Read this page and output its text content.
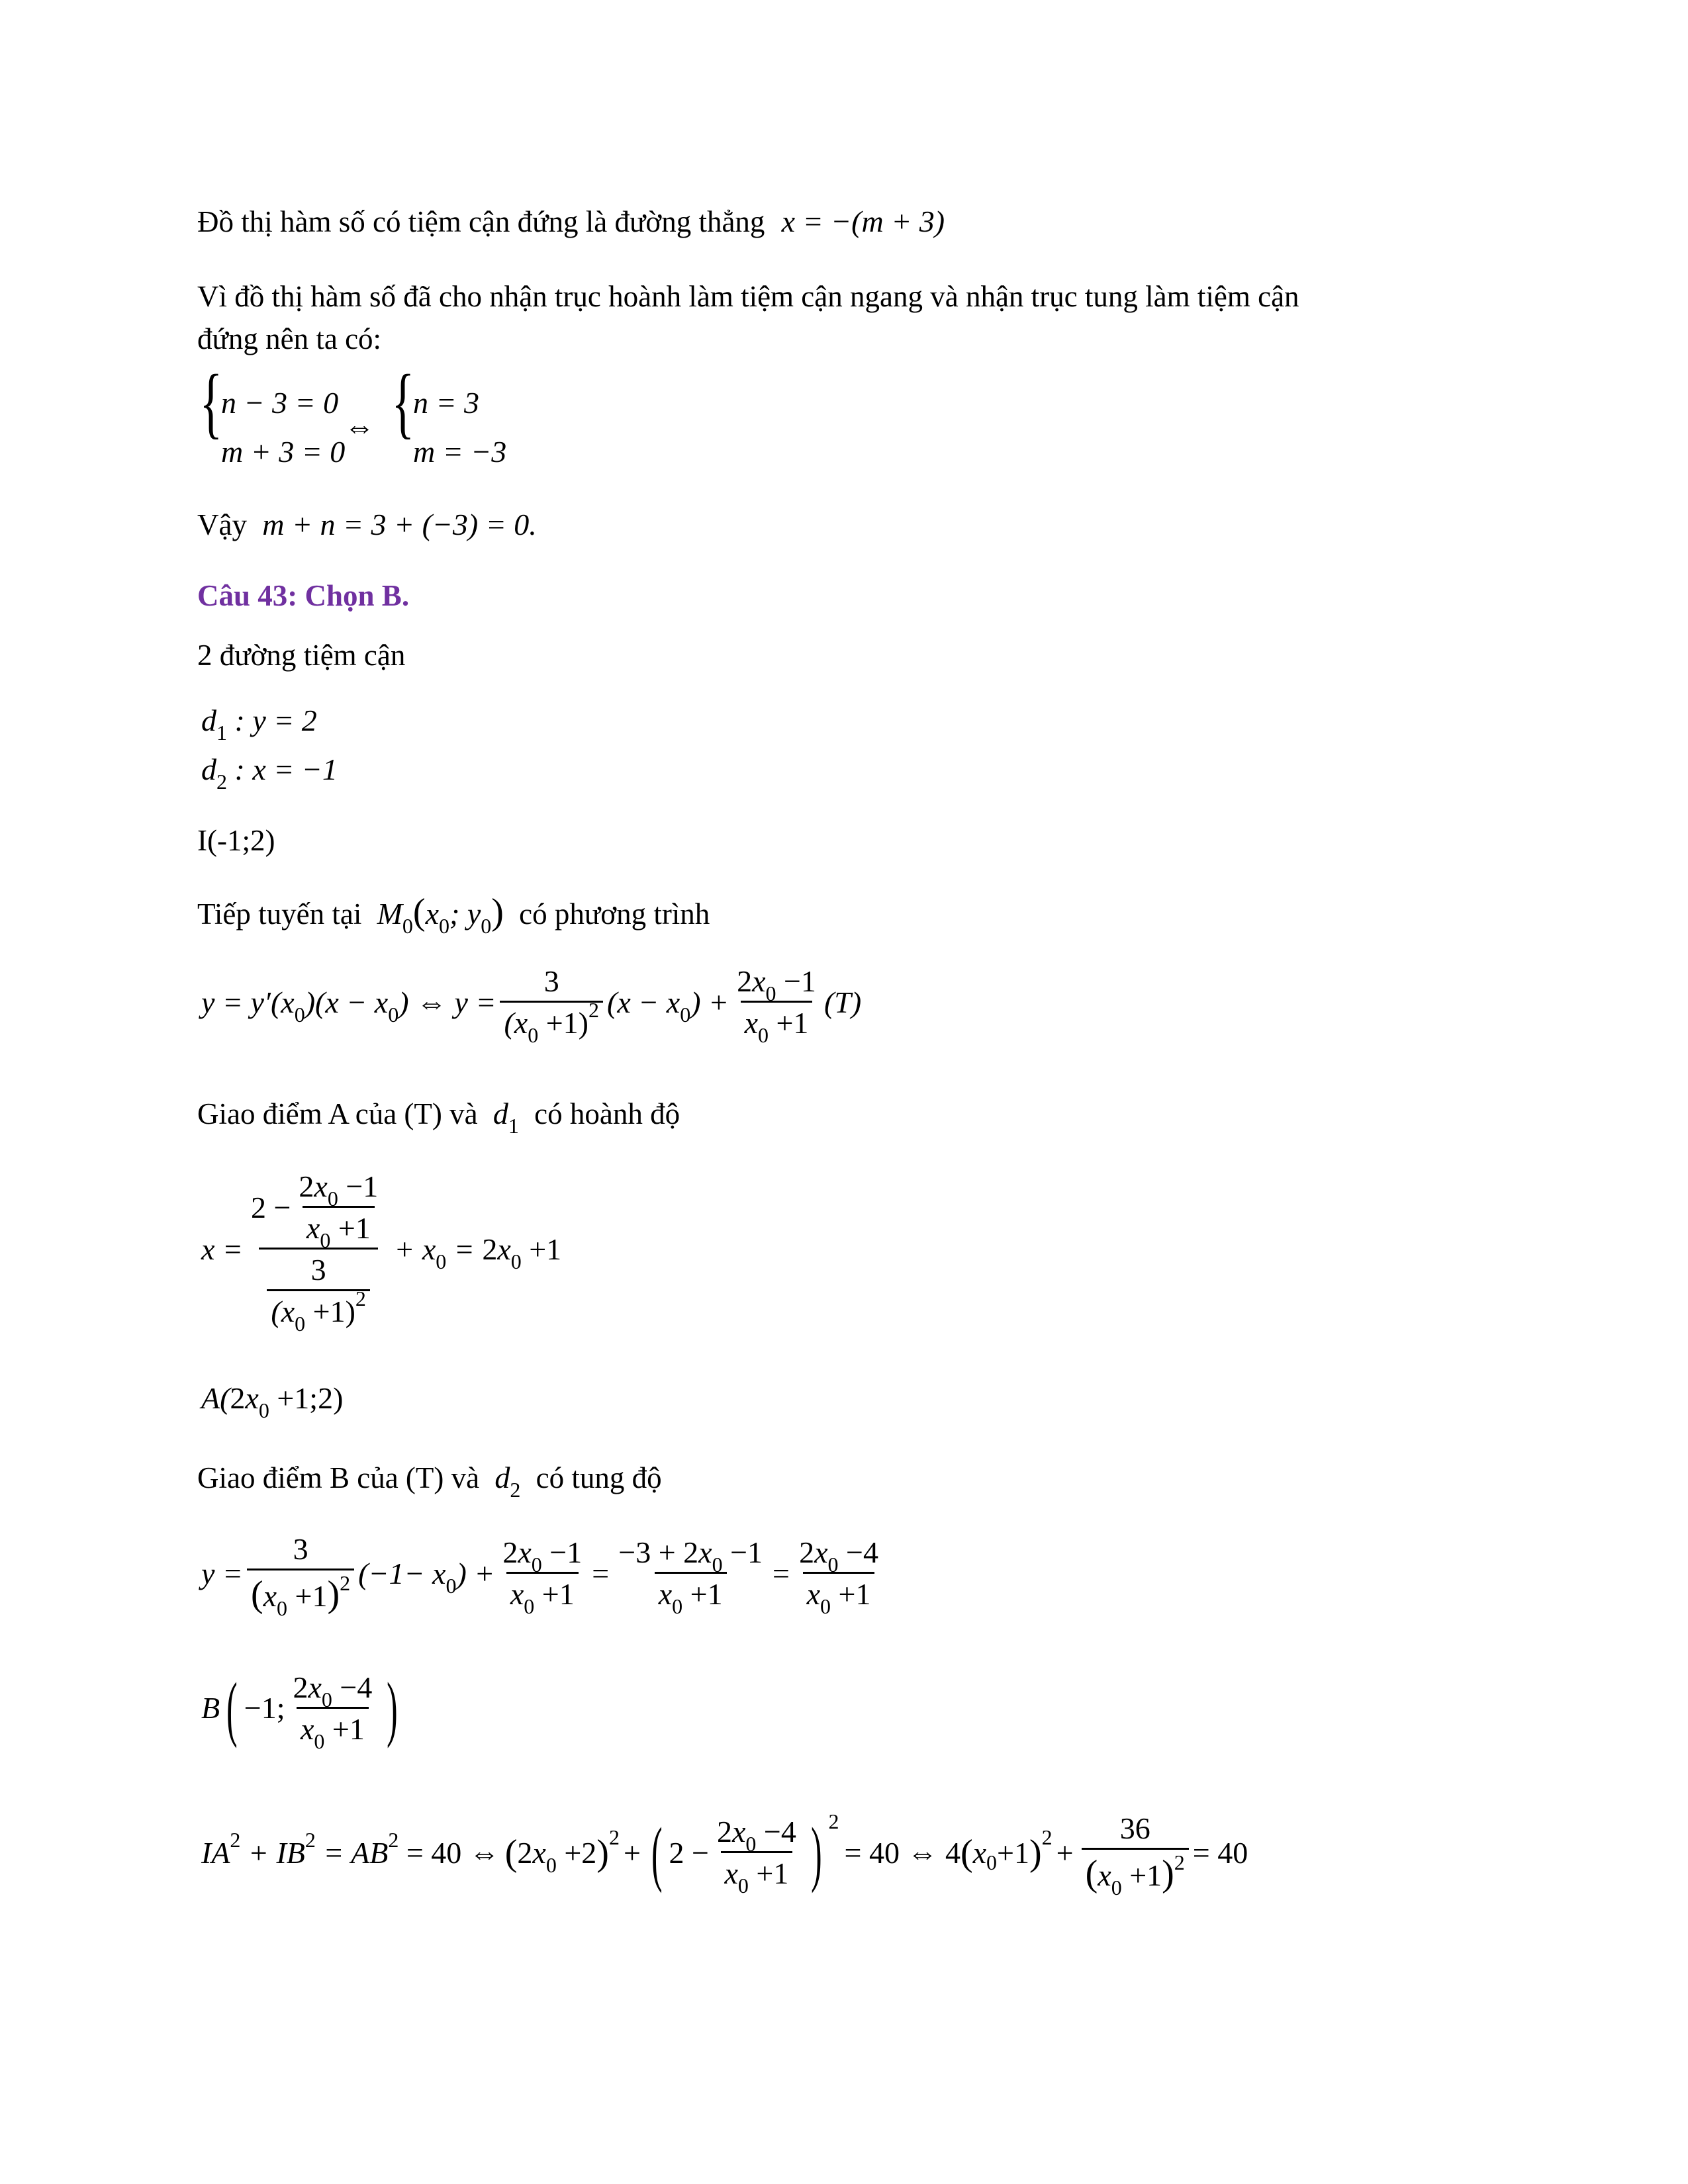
Đồ thị hàm số có tiệm cận đứng là đường thẳng x = −(m + 3)
Vì đồ thị hàm số đã cho nhận trục hoành làm tiệm cận ngang và nhận trục tung làm tiệm cận
đứng nên ta có:
{
n − 3 = 0
m + 3 = 0
⇔ {
n = 3
m = −3
Vậy m + n = 3 + (−3) = 0.
Câu 43: Chọn B.
2 đường tiệm cận
$d_1$ : y = 2
$d_2$ : x = −1
I(-1;2)
Tiếp tuyến tại $M_0(x_0$; $y_0$) có phương trình
$y = y'(x_0)(x - x_0)$ ⇔ $y = \frac{3}{(x_0 +1)^2} (x - x_0) + \frac{2x_0 -1}{x_0 +1} (T)$
Giao điểm A của (T) và $d_1$ có hoành độ
$x = \frac{2 - \frac{2x_0 -1}{x_0 +1}}{\frac{3}{(x_0 +1)^2}} + x_0 = 2x_0 +1$
$A(2x_0$ +1;2)
Giao điểm B của (T) và $d_2$ có tung độ
$y = \frac{3}{(x_0 +1)^2} (-1- x_0) + \frac{2x_0 -1}{x_0 +1} = \frac{-3 + 2x_0 -1}{x_0 +1} = \frac{2x_0 -4}{x_0 +1}$
B ( −1; $\frac{2x_0 -4}{x_0 +1}$ )
$IA^2 + IB^2 = AB^2 = 40$ ⇔ ( $2x_0 +2$ ) 2 + ( $2 - \frac{2x_0 -4}{x_0 +1}$ ) 2
= 40 ⇔ 4 ( x 0 +1 ) $2 + \frac{36}{(x_0 +1)^2} = 40$
